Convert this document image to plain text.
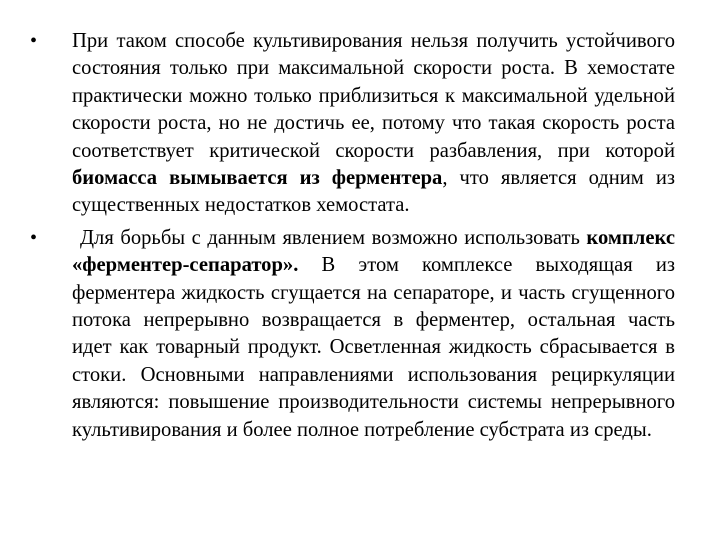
•	При таком способе культивирования нельзя получить устойчивого состояния только при максимальной скорости роста. В хемостате практически можно только приблизиться к максимальной удельной скорости роста, но не достичь ее, потому что такая скорость роста соответствует критической скорости разбавления, при которой биомасса вымывается из ферментера, что является одним из существенных недостатков хемостата.
•	Для борьбы с данным явлением возможно использовать комплекс «ферментер-сепаратор». В этом комплексе выходящая из ферментера жидкость сгущается на сепараторе, и часть сгущенного потока непрерывно возвращается в ферментер, остальная часть идет как товарный продукт. Осветленная жидкость сбрасывается в стоки. Основными направлениями использования рециркуляции являются: повышение производительности системы непрерывного культивирования и более полное потребление субстрата из среды.
